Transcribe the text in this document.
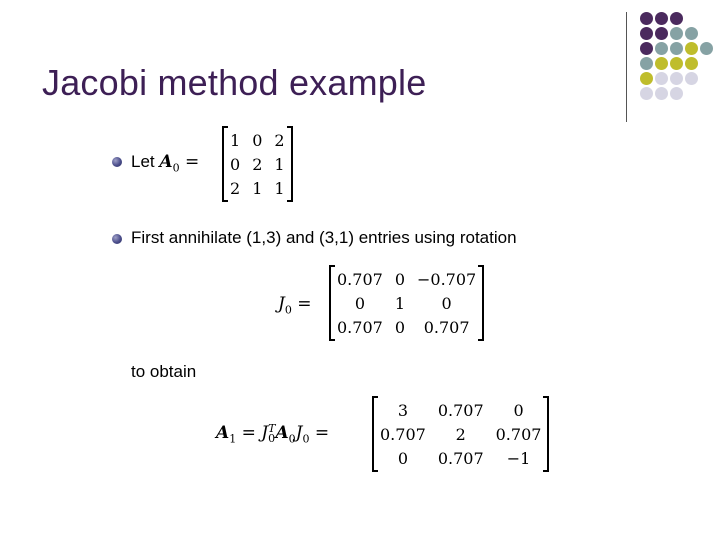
Jacobi method example
Let $A_0$ =
1	0	2
0	2	1
2	1	1
First annihilate (1,3) and (3,1) entries using rotation
$J_0$ =
0.707	0	−0.707
0	1	0
0.707	0	0.707
to obtain
$A_1 = J$ T
0 $A_0J_0$ =
3	0.707	0
0.707	2	0.707
0	0.707	−1
